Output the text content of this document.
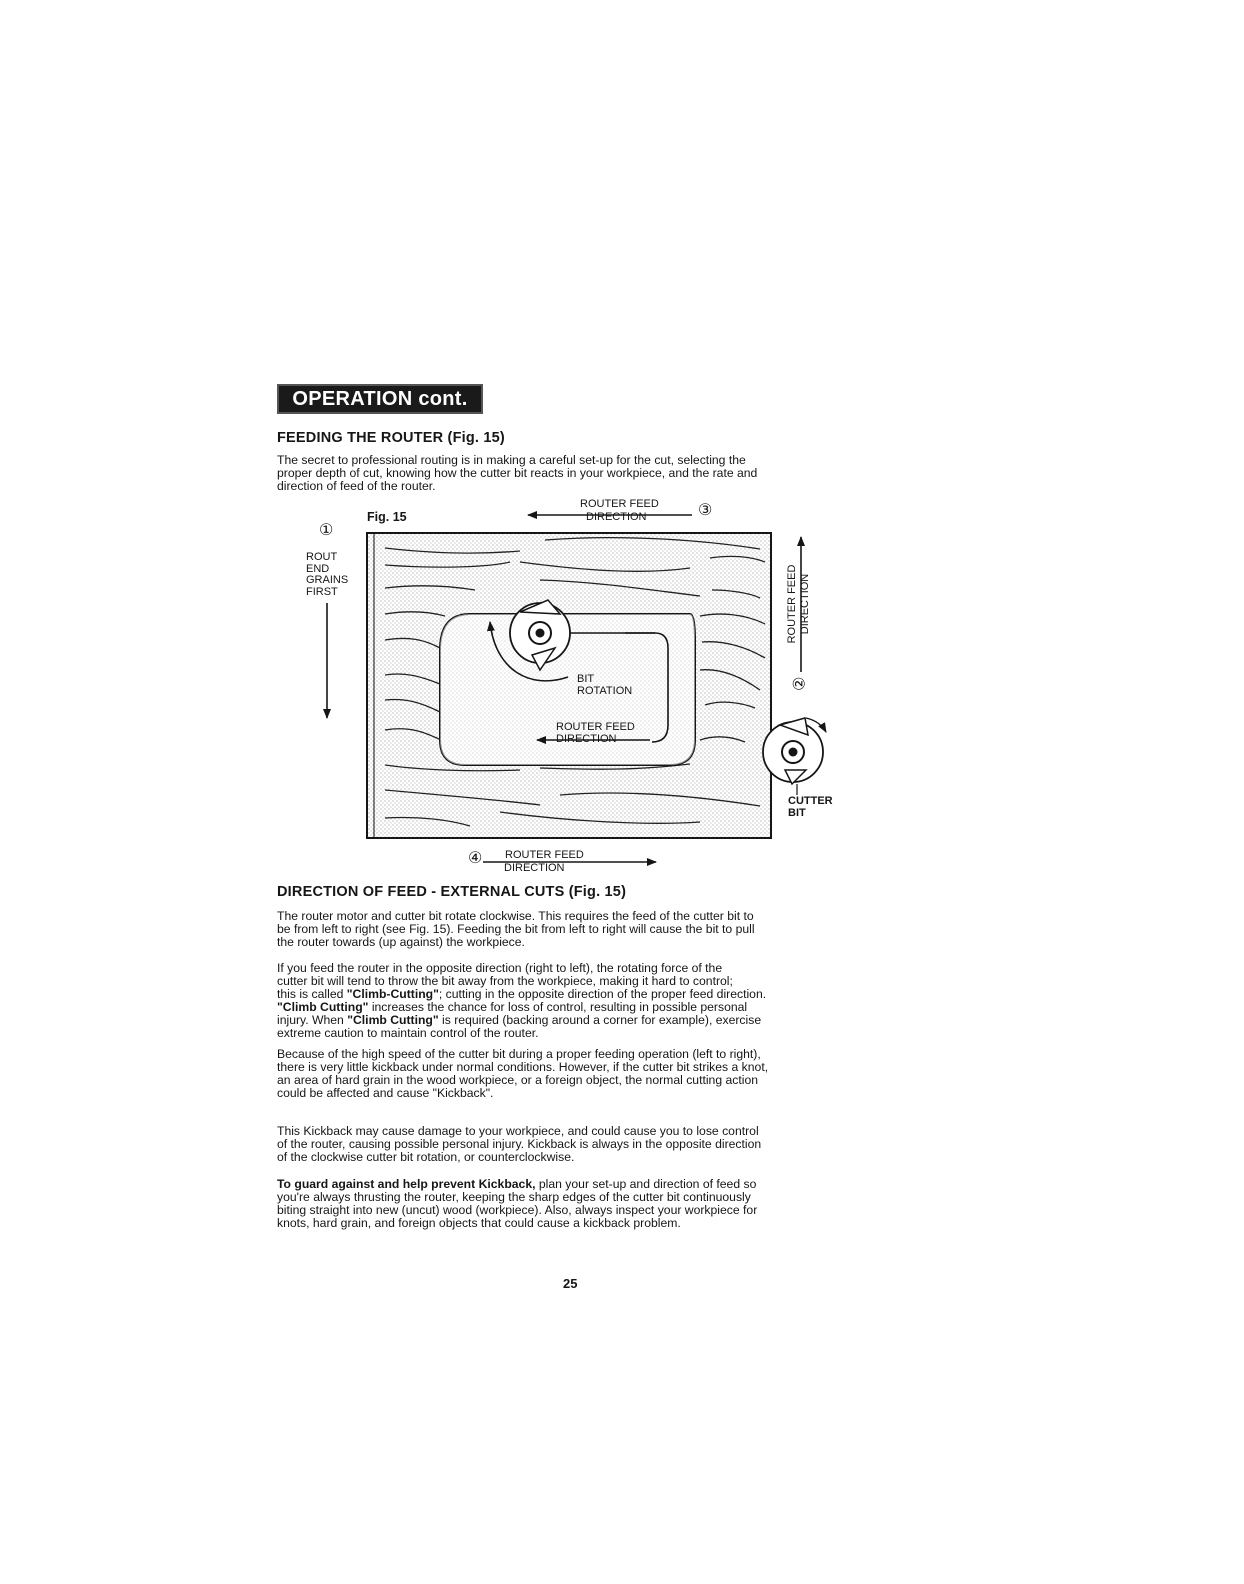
OPERATION cont.
FEEDING THE ROUTER (Fig. 15)
The secret to professional routing is in making a careful set-up for the cut, selecting the
proper depth of cut, knowing how the cutter bit reacts in your workpiece, and the rate and
direction of feed of the router.
Fig. 15
①
ROUT
END
GRAINS
FIRST
ROUTER FEED
DIRECTION	③
ROUTER FEED DIRECTION
②
BIT
ROTATION
ROUTER FEED
DIRECTION
CUTTER
BIT
ROUTER FEED
DIRECTION
④
DIRECTION OF FEED - EXTERNAL CUTS (Fig. 15)
The router motor and cutter bit rotate clockwise. This requires the feed of the cutter bit to
be from left to right (see Fig. 15). Feeding the bit from left to right will cause the bit to pull
the router towards (up against) the workpiece.
If you feed the router in the opposite direction (right to left), the rotating force of the
cutter bit will tend to throw the bit away from the workpiece, making it hard to control;
this is called "Climb-Cutting"; cutting in the opposite direction of the proper feed direction.
"Climb Cutting" increases the chance for loss of control, resulting in possible personal
injury. When "Climb Cutting" is required (backing around a corner for example), exercise
extreme caution to maintain control of the router.
Because of the high speed of the cutter bit during a proper feeding operation (left to right),
there is very little kickback under normal conditions. However, if the cutter bit strikes a knot,
an area of hard grain in the wood workpiece, or a foreign object, the normal cutting action
could be affected and cause "Kickback".
This Kickback may cause damage to your workpiece, and could cause you to lose control
of the router, causing possible personal injury. Kickback is always in the opposite direction
of the clockwise cutter bit rotation, or counterclockwise.
To guard against and help prevent Kickback, plan your set-up and direction of feed so
you're always thrusting the router, keeping the sharp edges of the cutter bit continuously
biting straight into new (uncut) wood (workpiece). Also, always inspect your workpiece for
knots, hard grain, and foreign objects that could cause a kickback problem.
25
